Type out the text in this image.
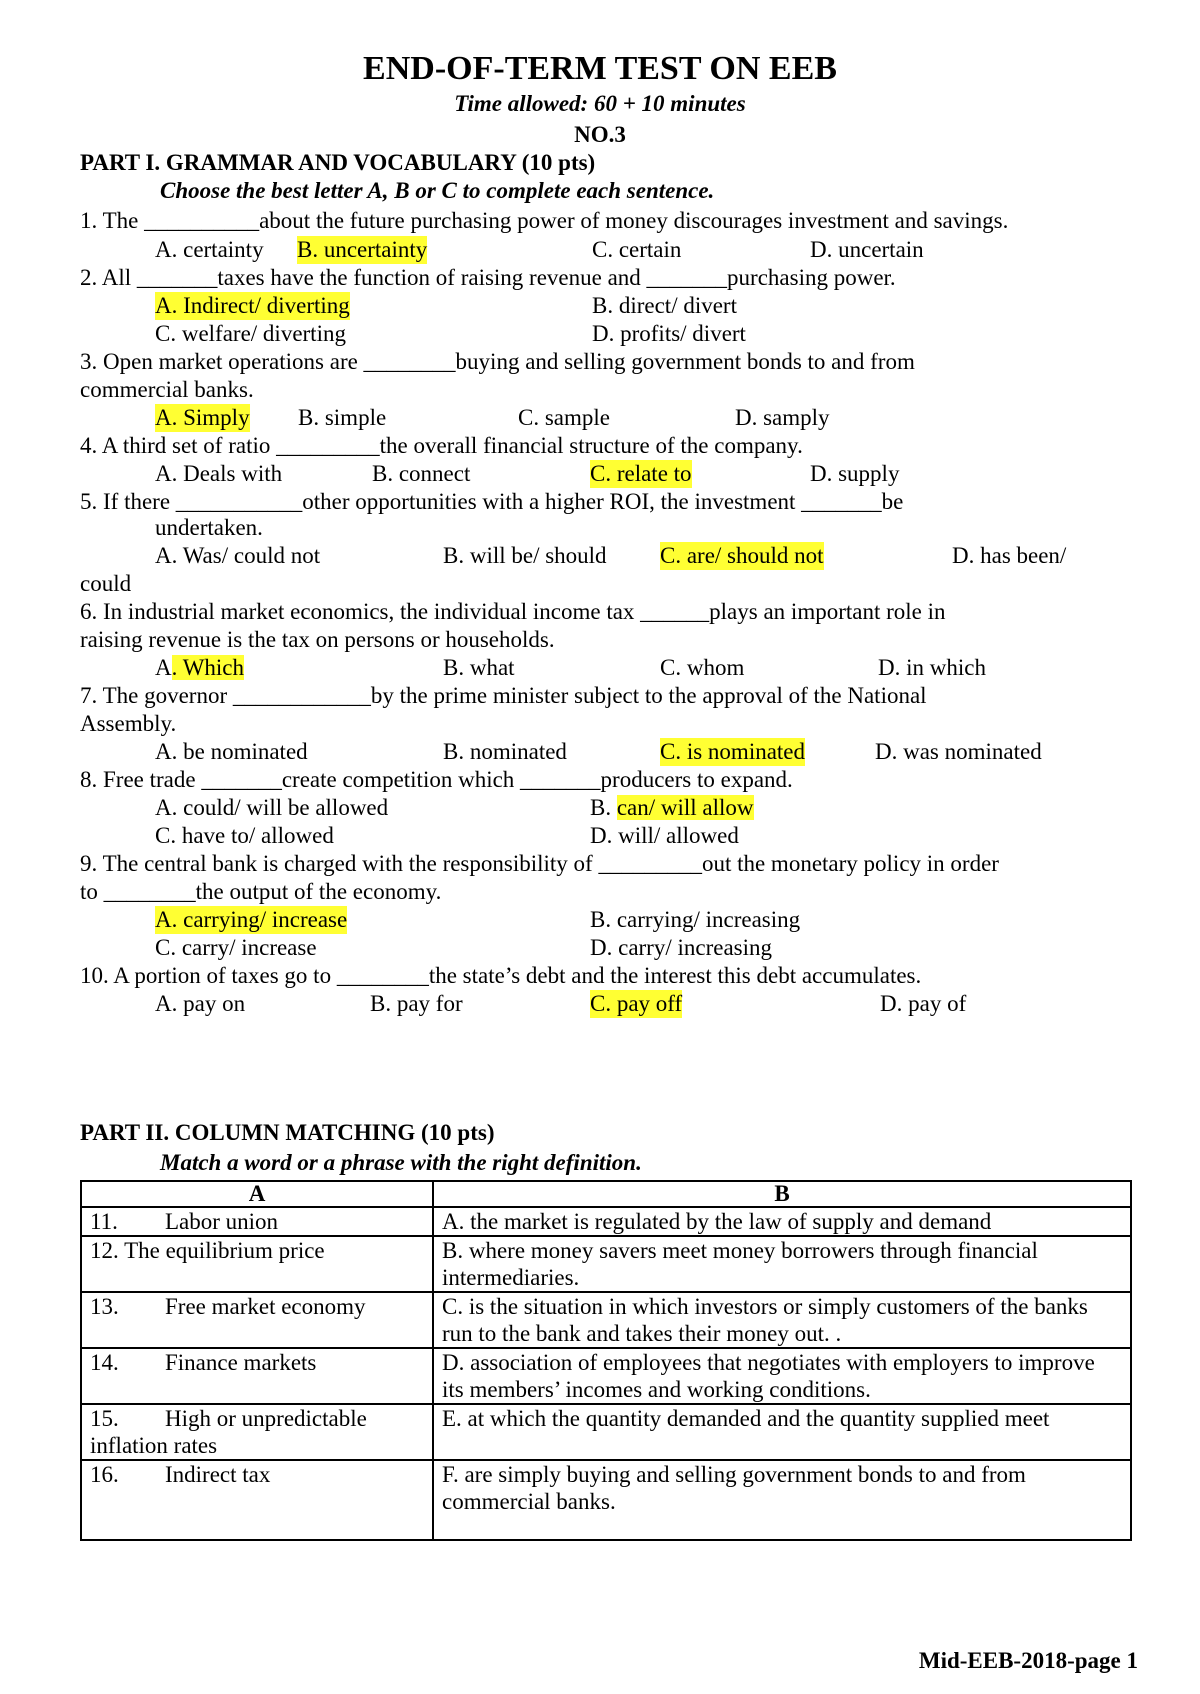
END-OF-TERM TEST ON EEB
Time allowed: 60 + 10 minutes
NO.3
PART I. GRAMMAR AND VOCABULARY (10 pts)
Choose the best letter A, B or C to complete each sentence.
1. The __________about the future purchasing power of money discourages investment and savings.
A. certainty B. uncertainty	C. certain	D. uncertain
2. All _______taxes have the function of raising revenue and _______purchasing power.
A. Indirect/ diverting	B. direct/ divert
C. welfare/ diverting	D. profits/ divert
3. Open market operations are ________buying and selling government bonds to and from
commercial banks.
A. Simply B. simple	C. sample	D. samply
4. A third set of ratio _________the overall financial structure of the company.
A. Deals with	B. connect	C. relate to	D. supply
5. If there ___________other opportunities with a higher ROI, the investment _______be
undertaken.
A. Was/ could not	B. will be/ should C. are/ should not	D. has been/
could
6. In industrial market economics, the individual income tax ______plays an important role in
raising revenue is the tax on persons or households.
A. Which	B. what	C. whom	D. in which
7. The governor ____________by the prime minister subject to the approval of the National
Assembly.
A. be nominated	B. nominated	C. is nominated	D. was nominated
8. Free trade _______create competition which _______producers to expand.
A. could/ will be allowed	B. can/ will allow
C. have to/ allowed	D. will/ allowed
9. The central bank is charged with the responsibility of _________out the monetary policy in order
to ________the output of the economy.
A. carrying/ increase	B. carrying/ increasing
C. carry/ increase	D. carry/ increasing
10. A portion of taxes go to ________the state’s debt and the interest this debt accumulates.
A. pay on	B. pay for	C. pay off	D. pay of
PART II. COLUMN MATCHING (10 pts)
Match a word or a phrase with the right definition.
A	B
11. Labor union	A. the market is regulated by the law of supply and demand
12. The equilibrium price	B. where money savers meet money borrowers through financial intermediaries.
13. Free market economy	C. is the situation in which investors or simply customers of the banks run to the bank and takes their money out. .
14. Finance markets	D. association of employees that negotiates with employers to improve its members’ incomes and working conditions.
15. High or unpredictable inflation rates	E. at which the quantity demanded and the quantity supplied meet
16. Indirect tax	F. are simply buying and selling government bonds to and from commercial banks.
Mid-EEB-2018-page 1
